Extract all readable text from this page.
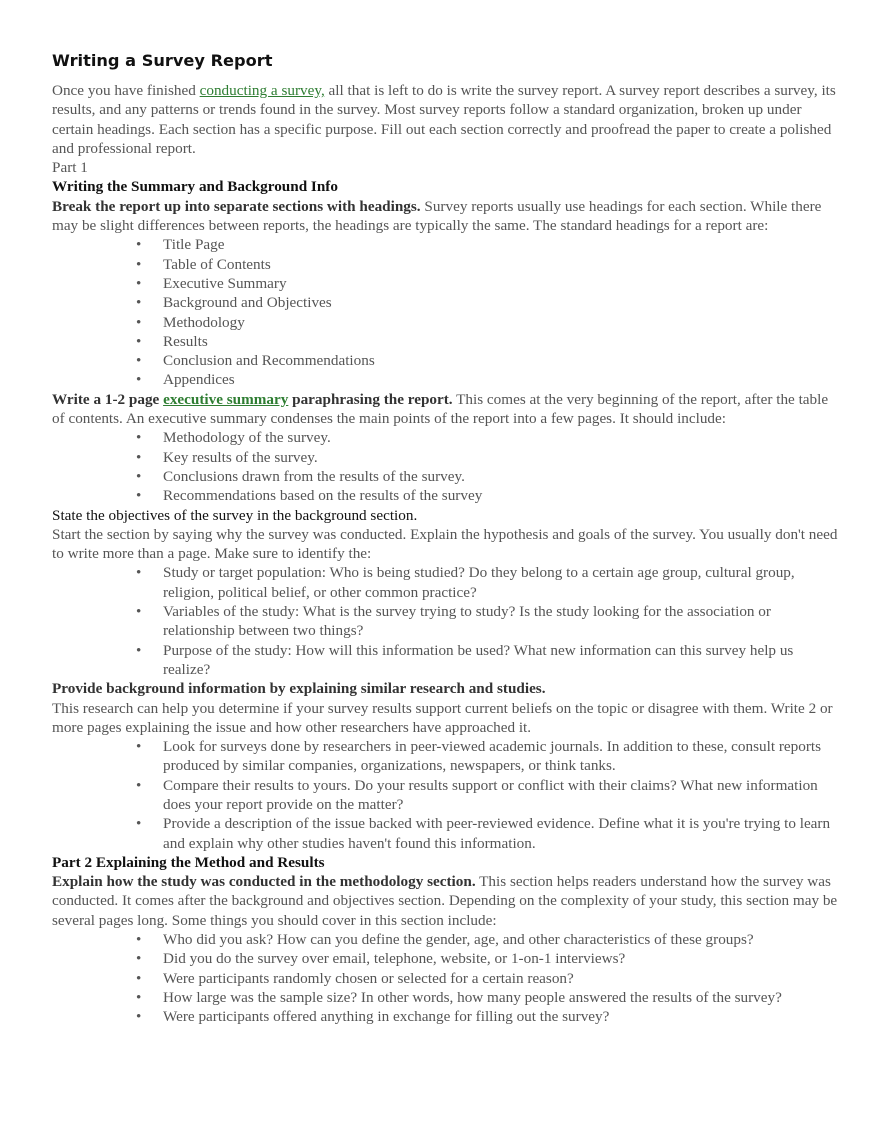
Writing a Survey Report

Once you have finished conducting a survey, all that is left to do is write the survey report. A survey report describes a survey, its results, and any patterns or trends found in the survey. Most survey reports follow a standard organization, broken up under certain headings. Each section has a specific purpose. Fill out each section correctly and proofread the paper to create a polished and professional report.

Part 1

Writing the Summary and Background Info

Break the report up into separate sections with headings. Survey reports usually use headings for each section. While there may be slight differences between reports, the headings are typically the same. The standard headings for a report are:

• Title Page
• Table of Contents
• Executive Summary
• Background and Objectives
• Methodology
• Results
• Conclusion and Recommendations
• Appendices

Write a 1-2 page executive summary paraphrasing the report. This comes at the very beginning of the report, after the table of contents. An executive summary condenses the main points of the report into a few pages. It should include:

• Methodology of the survey.
• Key results of the survey.
• Conclusions drawn from the results of the survey.
• Recommendations based on the results of the survey

State the objectives of the survey in the background section.

Start the section by saying why the survey was conducted. Explain the hypothesis and goals of the survey. You usually don't need to write more than a page. Make sure to identify the:

• Study or target population: Who is being studied? Do they belong to a certain age group, cultural group, religion, political belief, or other common practice?
• Variables of the study: What is the survey trying to study? Is the study looking for the association or relationship between two things?
• Purpose of the study: How will this information be used? What new information can this survey help us realize?

Provide background information by explaining similar research and studies.

This research can help you determine if your survey results support current beliefs on the topic or disagree with them. Write 2 or more pages explaining the issue and how other researchers have approached it.

• Look for surveys done by researchers in peer-viewed academic journals. In addition to these, consult reports produced by similar companies, organizations, newspapers, or think tanks.
• Compare their results to yours. Do your results support or conflict with their claims? What new information does your report provide on the matter?
• Provide a description of the issue backed with peer-reviewed evidence. Define what it is you're trying to learn and explain why other studies haven't found this information.

Part 2 Explaining the Method and Results

Explain how the study was conducted in the methodology section. This section helps readers understand how the survey was conducted. It comes after the background and objectives section. Depending on the complexity of your study, this section may be several pages long. Some things you should cover in this section include:

• Who did you ask? How can you define the gender, age, and other characteristics of these groups?
• Did you do the survey over email, telephone, website, or 1-on-1 interviews?
• Were participants randomly chosen or selected for a certain reason?
• How large was the sample size? In other words, how many people answered the results of the survey?
• Were participants offered anything in exchange for filling out the survey?
